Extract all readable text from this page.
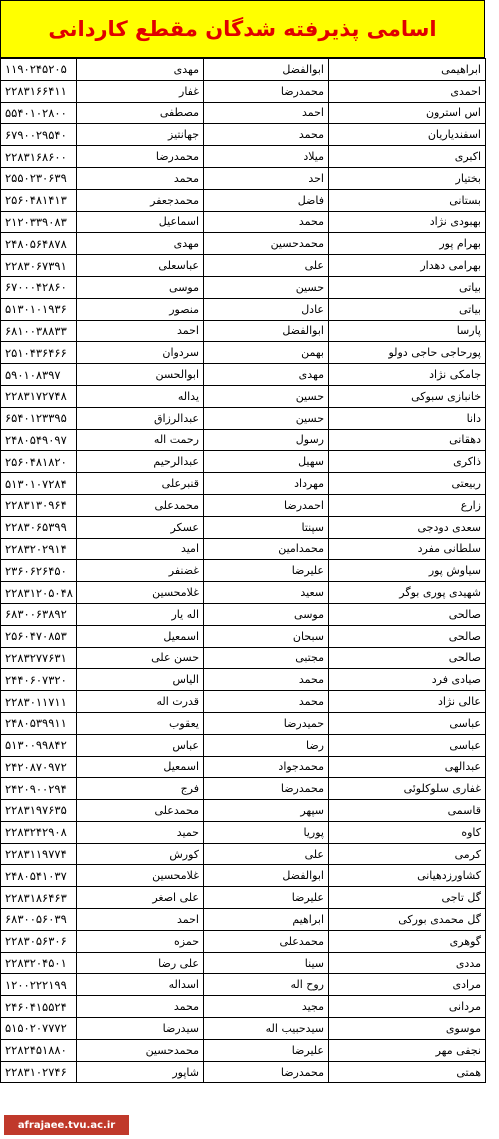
اسامی پذیرفته شدگان مقطع کاردانی
۱۱۹۰۲۴۵۲۰۵	مهدی	ابوالفضل	ابراهیمی
۲۲۸۳۱۶۶۴۱۱	غفار	محمدرضا	احمدی
۵۵۴۰۱۰۲۸۰۰	مصطفی	احمد	اس استرون
۶۷۹۰۰۲۹۵۴۰	جهانتیز	محمد	اسفندیاریان
۲۲۸۳۱۶۸۶۰۰	محمدرضا	میلاد	اکبری
۲۵۵۰۲۳۰۶۳۹	محمد	احد	بختیار
۲۵۶۰۴۸۱۴۱۳	محمدجعفر	فاضل	بستانی
۲۱۲۰۳۳۹۰۸۳	اسماعیل	محمد	بهبودی نژاد
۲۴۸۰۵۶۴۸۷۸	مهدی	محمدحسین	بهرام پور
۲۲۸۳۰۶۷۳۹۱	عباسعلی	علی	بهرامی دهدار
۶۷۰۰۰۴۲۸۶۰	موسی	حسین	بیاتی
۵۱۳۰۱۰۱۹۳۶	منصور	عادل	بیاتی
۶۸۱۰۰۳۸۸۳۳	احمد	ابوالفضل	پارسا
۲۵۱۰۴۳۶۴۶۶	سردوان	بهمن	پورحاجی حاجی دولو
۵۹۰۱۰۸۳۹۷	ابوالحسن	مهدی	جامکی نژاد
۲۲۸۳۱۷۲۷۴۸	یداله	حسین	خانبازی سبوکی
۶۵۴۰۱۲۳۳۹۵	عبدالرزاق	حسین	دانا
۲۴۸۰۵۴۹۰۹۷	رحمت اله	رسول	دهقانی
۲۵۶۰۴۸۱۸۲۰	عبدالرحیم	سهیل	ذاکری
۵۱۳۰۱۰۷۲۸۴	قنبرعلی	مهرداد	ربیعتی
۲۲۸۳۱۳۰۹۶۴	محمدعلی	احمدرضا	زارع
۲۲۸۳۰۶۵۳۹۹	عسکر	سپنتا	سعدی دودجی
۲۲۸۳۲۰۲۹۱۴	امید	محمدامین	سلطانی مفرد
۲۳۶۰۶۲۶۴۵۰	غضنفر	علیرضا	سیاوش پور
۲۲۸۳۱۲۰۵۰۴۸	غلامحسین	سعید	شهیدی پوری بوگر
۶۸۳۰۰۶۳۸۹۲	اله یار	موسی	صالحی
۲۵۶۰۴۷۰۸۵۳	اسمعیل	سبحان	صالحی
۲۲۸۳۲۷۷۶۳۱	حسن علی	مجتبی	صالحی
۲۴۴۰۶۰۷۳۲۰	الیاس	محمد	صیادی فرد
۲۲۸۳۰۱۱۷۱۱	قدرت اله	محمد	عالی نژاد
۲۴۸۰۵۳۹۹۱۱	یعقوب	حمیدرضا	عباسی
۵۱۳۰۰۹۹۸۴۲	عباس	رضا	عباسی
۲۴۲۰۸۷۰۹۷۲	اسمعیل	محمدجواد	عبدالهی
۲۴۲۰۹۰۰۲۹۴	فرج	محمدرضا	غفاری سلوکلوئی
۲۲۸۳۱۹۷۶۳۵	محمدعلی	سپهر	قاسمی
۲۲۸۳۲۴۲۹۰۸	حمید	پوریا	کاوه
۲۲۸۳۱۱۹۷۷۴	کورش	علی	کرمی
۲۴۸۰۵۴۱۰۳۷	غلامحسین	ابوالفضل	کشاورزدهیانی
۲۲۸۳۱۸۶۴۶۳	علی اصغر	علیرضا	گل تاجی
۶۸۳۰۰۵۶۰۳۹	احمد	ابراهیم	گل محمدی بورکی
۲۲۸۳۰۵۶۳۰۶	حمزه	محمدعلی	گوهری
۲۲۸۳۲۰۴۵۰۱	علی رضا	سینا	مددی
۱۲۰۰۲۲۲۱۹۹	اسداله	روح اله	مرادی
۲۴۶۰۴۱۵۵۲۴	محمد	مجید	مردانی
۵۱۵۰۲۰۷۷۷۲	سیدرضا	سیدحبیب اله	موسوی
۲۲۸۲۴۵۱۸۸۰	محمدحسین	علیرضا	نجفی مهر
۲۲۸۳۱۰۲۷۴۶	شاپور	محمدرضا	همتی
afrajaee.tvu.ac.ir
